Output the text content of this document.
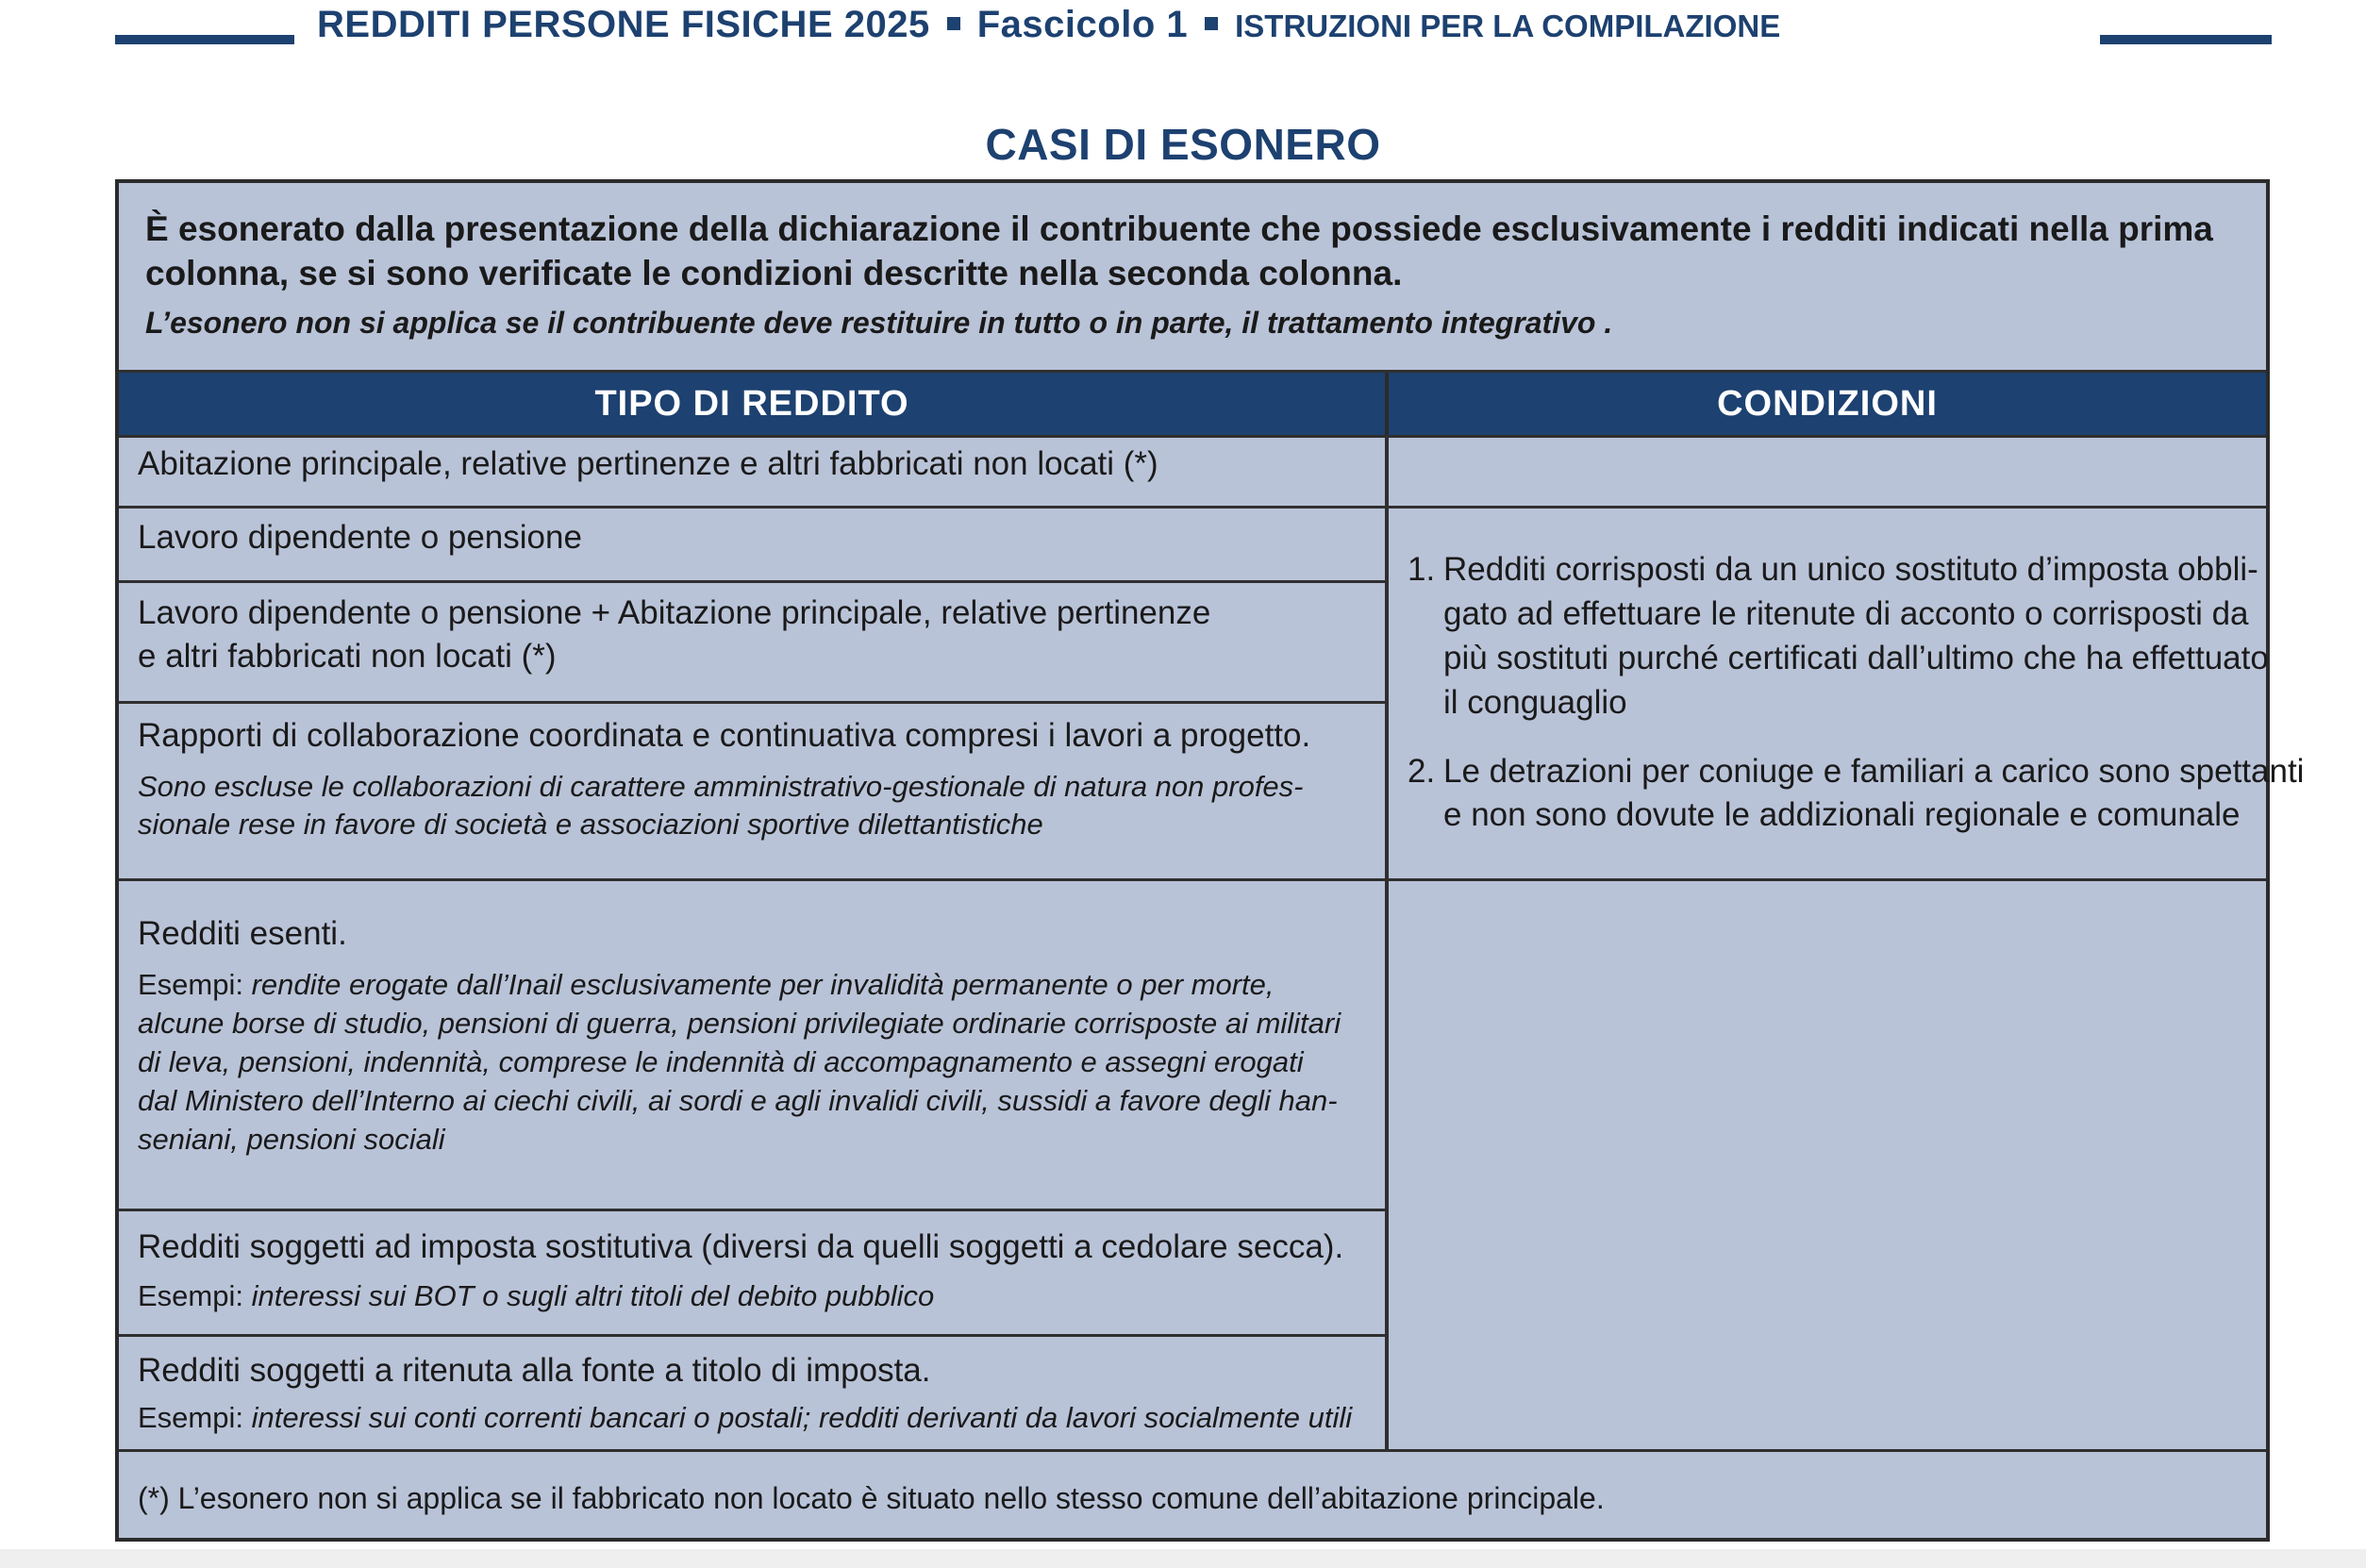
REDDITI PERSONE FISICHE 2025 Fascicolo 1 ISTRUZIONI PER LA COMPILAZIONE
CASI DI ESONERO
È esonerato dalla presentazione della dichiarazione il contribuente che possiede esclusivamente i redditi indicati nella prima
colonna, se si sono verificate le condizioni descritte nella seconda colonna.
L’esonero non si applica se il contribuente deve restituire in tutto o in parte, il trattamento integrativo .
TIPO DI REDDITO	CONDIZIONI
Abitazione principale, relative pertinenze e altri fabbricati non locati (*)
Lavoro dipendente o pensione
Lavoro dipendente o pensione + Abitazione principale, relative pertinenze
e altri fabbricati non locati (*)
Rapporti di collaborazione coordinata e continuativa compresi i lavori a progetto.
Sono escluse le collaborazioni di carattere amministrativo-gestionale di natura non profes-
sionale rese in favore di società e associazioni sportive dilettantistiche
Redditi esenti.
Esempi: rendite erogate dall’Inail esclusivamente per invalidità permanente o per morte,
alcune borse di studio, pensioni di guerra, pensioni privilegiate ordinarie corrisposte ai militari
di leva, pensioni, indennità, comprese le indennità di accompagnamento e assegni erogati
dal Ministero dell’Interno ai ciechi civili, ai sordi e agli invalidi civili, sussidi a favore degli han-
seniani, pensioni sociali
Redditi soggetti ad imposta sostitutiva (diversi da quelli soggetti a cedolare secca).
Esempi: interessi sui BOT o sugli altri titoli del debito pubblico
Redditi soggetti a ritenuta alla fonte a titolo di imposta.
Esempi: interessi sui conti correnti bancari o postali; redditi derivanti da lavori socialmente utili
1. Redditi corrisposti da un unico sostituto d’imposta obbli-
gato ad effettuare le ritenute di acconto o corrisposti da
più sostituti purché certificati dall’ultimo che ha effettuato
il conguaglio
2. Le detrazioni per coniuge e familiari a carico sono spettanti
e non sono dovute le addizionali regionale e comunale
(*) L’esonero non si applica se il fabbricato non locato è situato nello stesso comune dell’abitazione principale.
